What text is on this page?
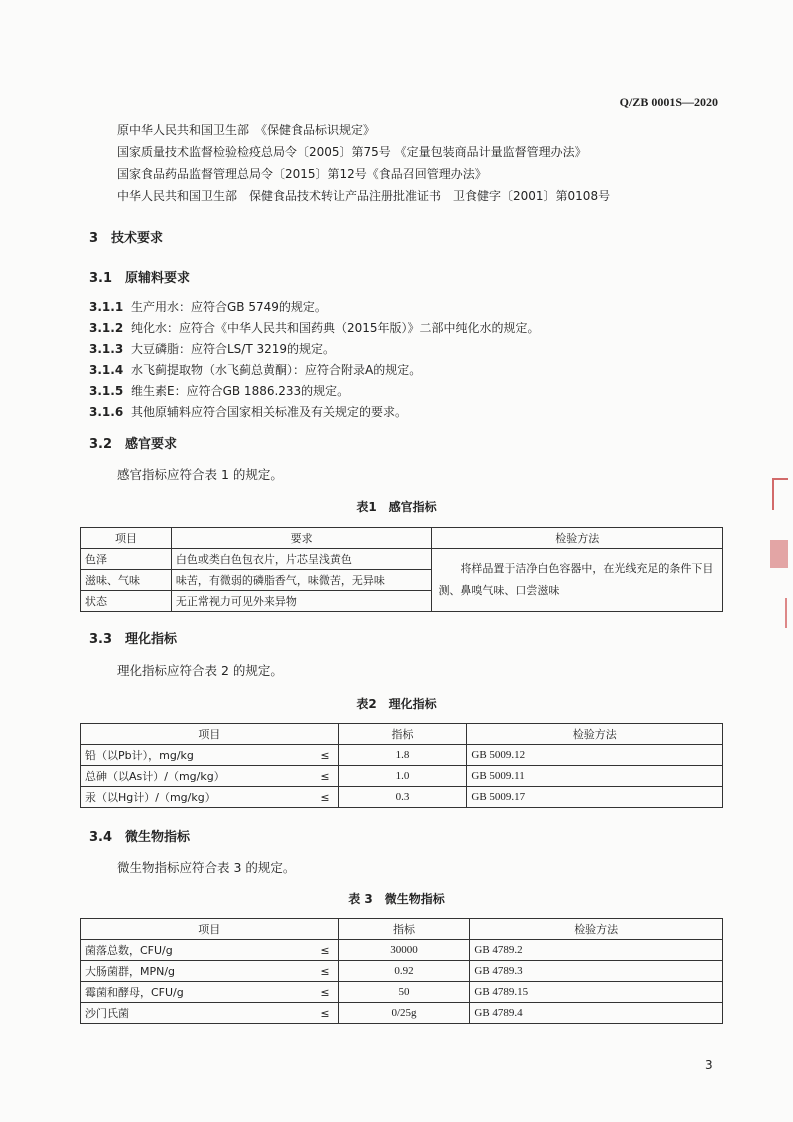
Q/ZB 0001S—2020
原中华人民共和国卫生部　《保健食品标识规定》
国家质量技术监督检验检疫总局令〔2005〕第75号 《定量包装商品计量监督管理办法》
国家食品药品监督管理总局令〔2015〕第12号《食品召回管理办法》
中华人民共和国卫生部　保健食品技术转让产品注册批准证书　卫食健字〔2001〕第0108号
3　技术要求
3.1　原辅料要求
3.1.1 生产用水：应符合GB 5749的规定。
3.1.2 纯化水：应符合《中华人民共和国药典（2015年版）》二部中纯化水的规定。
3.1.3 大豆磷脂：应符合LS/T 3219的规定。
3.1.4 水飞蓟提取物（水飞蓟总黄酮）：应符合附录A的规定。
3.1.5 维生素E：应符合GB 1886.233的规定。
3.1.6 其他原辅料应符合国家相关标准及有关规定的要求。
3.2　感官要求
感官指标应符合表 1 的规定。
表1　感官指标
项目	要求	检验方法
色泽	白色或类白色包衣片，片芯呈浅黄色	将样品置于洁净白色容器中，在光线充足的条件下目测、鼻嗅气味、口尝滋味
滋味、气味	味苦，有微弱的磷脂香气，味微苦，无异味	
状态	无正常视力可见外来异物	
3.3　理化指标
理化指标应符合表 2 的规定。
表2　理化指标
项目		指标	检验方法
铅（以Pb计），mg/kg	≤	1.8	GB 5009.12
总砷（以As计）/（mg/kg）	≤	1.0	GB 5009.11
汞（以Hg计）/（mg/kg）	≤	0.3	GB 5009.17
3.4　微生物指标
微生物指标应符合表 3 的规定。
表 3　微生物指标
项目		指标	检验方法
菌落总数，CFU/g	≤	30000	GB 4789.2
大肠菌群，MPN/g	≤	0.92	GB 4789.3
霉菌和酵母，CFU/g	≤	50	GB 4789.15
沙门氏菌	≤	0/25g	GB 4789.4
3
